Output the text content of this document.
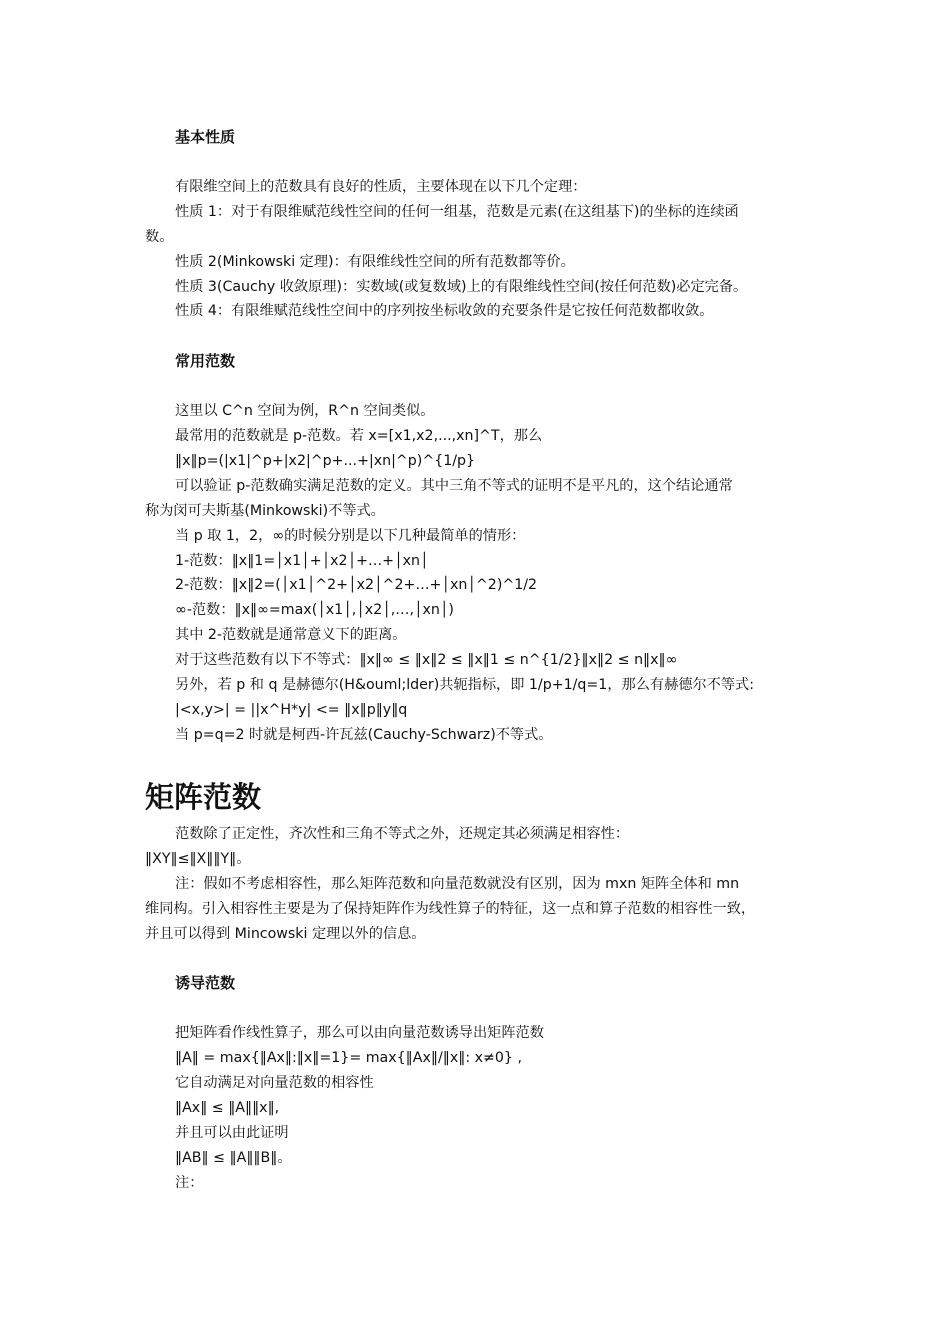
基本性质
有限维空间上的范数具有良好的性质，主要体现在以下几个定理：
性质 1：对于有限维赋范线性空间的任何一组基，范数是元素(在这组基下)的坐标的连续函
数。
性质 2(Minkowski 定理)：有限维线性空间的所有范数都等价。
性质 3(Cauchy 收敛原理)：实数域(或复数域)上的有限维线性空间(按任何范数)必定完备。
性质 4：有限维赋范线性空间中的序列按坐标收敛的充要条件是它按任何范数都收敛。
常用范数
这里以 C^n 空间为例，R^n 空间类似。
最常用的范数就是 p-范数。若 x=[x1,x2,...,xn]^T，那么
‖x‖p=(|x1|^p+|x2|^p+...+|xn|^p)^{1/p}
可以验证 p-范数确实满足范数的定义。其中三角不等式的证明不是平凡的，这个结论通常
称为闵可夫斯基(Minkowski)不等式。
当 p 取 1，2，∞的时候分别是以下几种最简单的情形：
1-范数：‖x‖1=│x1│+│x2│+…+│xn│
2-范数：‖x‖2=(│x1│^2+│x2│^2+…+│xn│^2)^1/2
∞-范数：‖x‖∞=max(│x1│,│x2│,…,│xn│)
其中 2-范数就是通常意义下的距离。
对于这些范数有以下不等式：‖x‖∞ ≤ ‖x‖2 ≤ ‖x‖1 ≤ n^{1/2}‖x‖2 ≤ n‖x‖∞
另外，若 p 和 q 是赫德尔(H&ouml;lder)共轭指标，即 1/p+1/q=1，那么有赫德尔不等式:
|<x,y>| = ||x^H*y| <= ‖x‖p‖y‖q
当 p=q=2 时就是柯西-许瓦兹(Cauchy-Schwarz)不等式。
矩阵范数
范数除了正定性，齐次性和三角不等式之外，还规定其必须满足相容性：
‖XY‖≤‖X‖‖Y‖。
注：假如不考虑相容性，那么矩阵范数和向量范数就没有区别，因为 mxn 矩阵全体和 mn
维同构。引入相容性主要是为了保持矩阵作为线性算子的特征，这一点和算子范数的相容性一致，
并且可以得到 Mincowski 定理以外的信息。
诱导范数
把矩阵看作线性算子，那么可以由向量范数诱导出矩阵范数
‖A‖ = max{‖Ax‖:‖x‖=1}= max{‖Ax‖/‖x‖: x≠0} ,
它自动满足对向量范数的相容性
‖Ax‖ ≤ ‖A‖‖x‖,
并且可以由此证明
‖AB‖ ≤ ‖A‖‖B‖。
注：
